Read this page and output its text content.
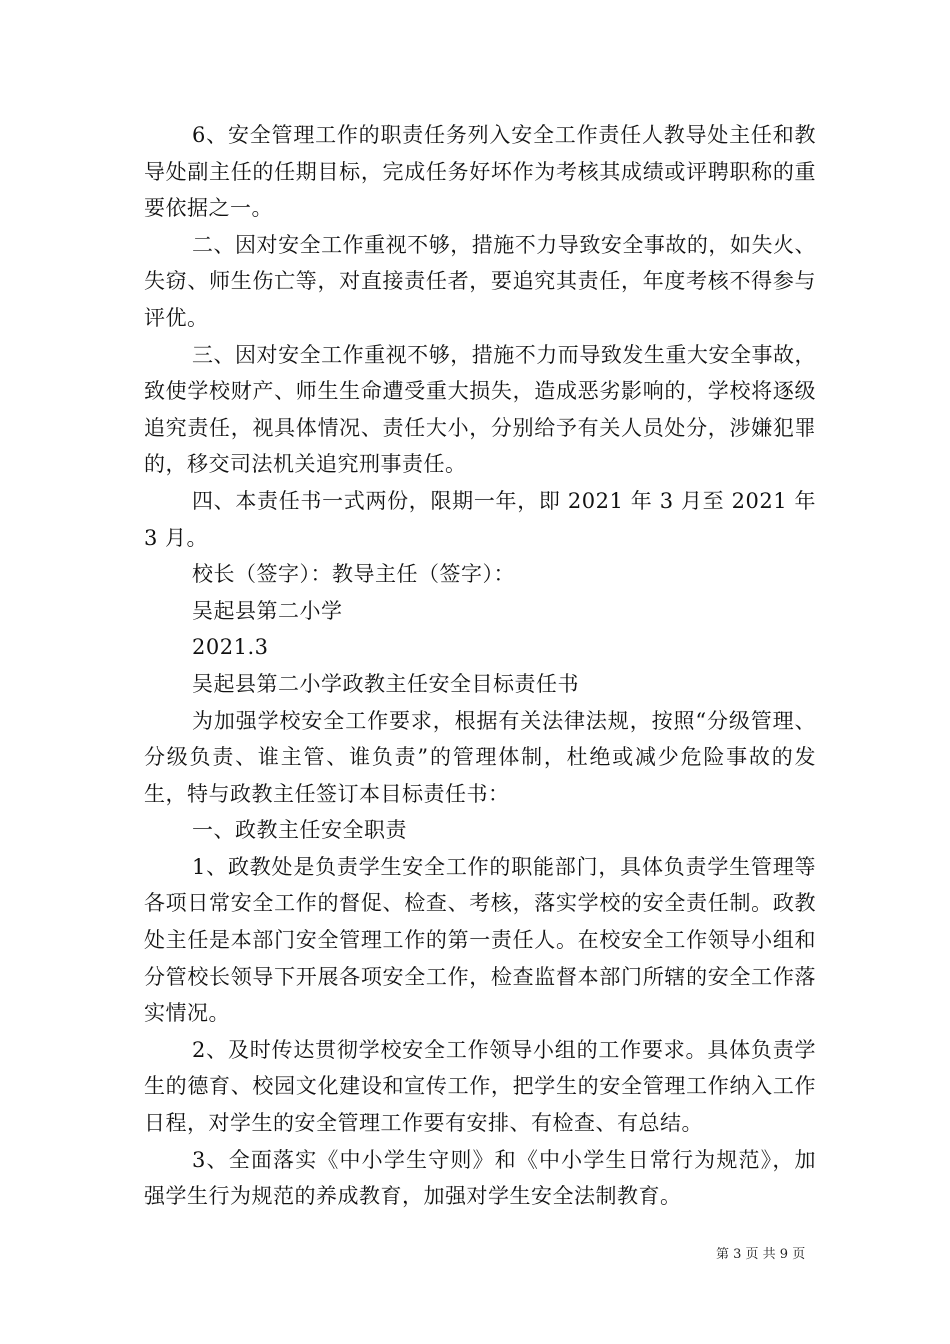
6、安全管理工作的职责任务列入安全工作责任人教导处主任和教导处副主任的任期目标，完成任务好坏作为考核其成绩或评聘职称的重要依据之一。

二、因对安全工作重视不够，措施不力导致安全事故的，如失火、失窃、师生伤亡等，对直接责任者，要追究其责任，年度考核不得参与评优。

三、因对安全工作重视不够，措施不力而导致发生重大安全事故，致使学校财产、师生生命遭受重大损失，造成恶劣影响的，学校将逐级追究责任，视具体情况、责任大小，分别给予有关人员处分，涉嫌犯罪的，移交司法机关追究刑事责任。

四、本责任书一式两份，限期一年，即 2021 年 3 月至 2021 年 3 月。

校长（签字）：教导主任（签字）：

吴起县第二小学

2021.3

吴起县第二小学政教主任安全目标责任书

为加强学校安全工作要求，根据有关法律法规，按照“分级管理、分级负责、谁主管、谁负责”的管理体制，杜绝或减少危险事故的发生，特与政教主任签订本目标责任书：

一、政教主任安全职责

1、政教处是负责学生安全工作的职能部门，具体负责学生管理等各项日常安全工作的督促、检查、考核，落实学校的安全责任制。政教处主任是本部门安全管理工作的第一责任人。在校安全工作领导小组和分管校长领导下开展各项安全工作，检查监督本部门所辖的安全工作落实情况。

2、及时传达贯彻学校安全工作领导小组的工作要求。具体负责学生的德育、校园文化建设和宣传工作，把学生的安全管理工作纳入工作日程，对学生的安全管理工作要有安排、有检查、有总结。

3、全面落实《中小学生守则》和《中小学生日常行为规范》，加强学生行为规范的养成教育，加强对学生安全法制教育。

第 3 页 共 9 页
